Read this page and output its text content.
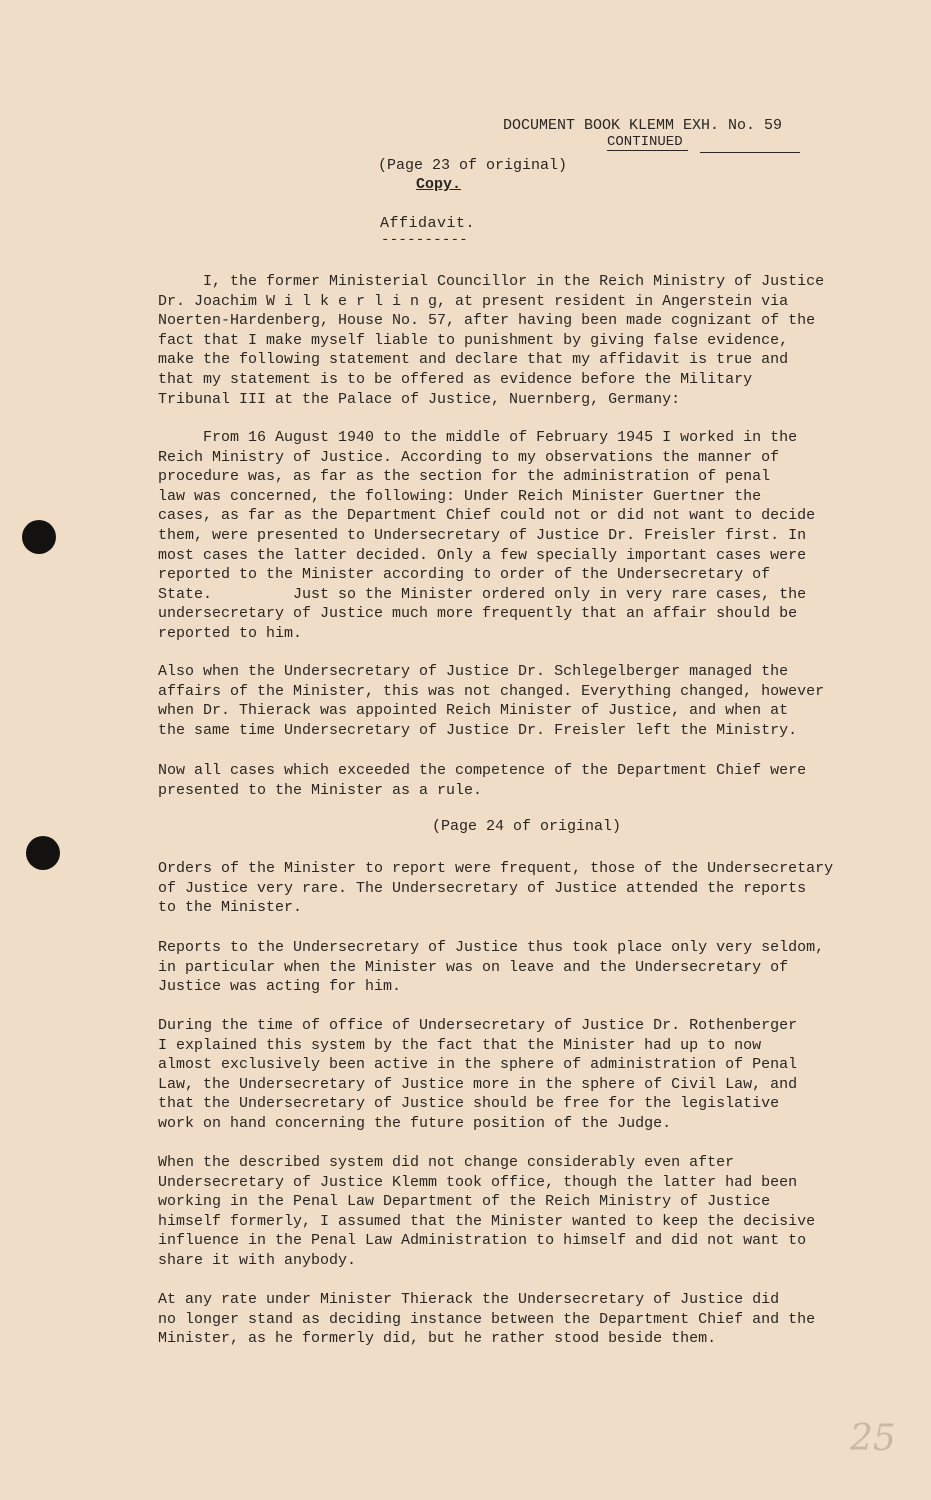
DOCUMENT BOOK KLEMM EXH. No. 59
CONTINUED
(Page 23 of original)
Copy.
Affidavit.
----------
I, the former Ministerial Councillor in the Reich Ministry of Justice
Dr. Joachim W i l k e r l i n g, at present resident in Angerstein via
Noerten-Hardenberg, House No. 57, after having been made cognizant of the
fact that I make myself liable to punishment by giving false evidence,
make the following statement and declare that my affidavit is true and
that my statement is to be offered as evidence before the Military
Tribunal III at the Palace of Justice, Nuernberg, Germany:
From 16 August 1940 to the middle of February 1945 I worked in the
Reich Ministry of Justice. According to my observations the manner of
procedure was, as far as the section for the administration of penal
law was concerned, the following: Under Reich Minister Guertner the
cases, as far as the Department Chief could not or did not want to decide
them, were presented to Undersecretary of Justice Dr. Freisler first. In
most cases the latter decided. Only a few specially important cases were
reported to the Minister according to order of the Undersecretary of
State.         Just so the Minister ordered only in very rare cases, the
undersecretary of Justice much more frequently that an affair should be
reported to him.
Also when the Undersecretary of Justice Dr. Schlegelberger managed the
affairs of the Minister, this was not changed. Everything changed, however
when Dr. Thierack was appointed Reich Minister of Justice, and when at
the same time Undersecretary of Justice Dr. Freisler left the Ministry.
Now all cases which exceeded the competence of the Department Chief were
presented to the Minister as a rule.
(Page 24 of original)
Orders of the Minister to report were frequent, those of the Undersecretary
of Justice very rare. The Undersecretary of Justice attended the reports
to the Minister.
Reports to the Undersecretary of Justice thus took place only very seldom,
in particular when the Minister was on leave and the Undersecretary of
Justice was acting for him.
During the time of office of Undersecretary of Justice Dr. Rothenberger
I explained this system by the fact that the Minister had up to now
almost exclusively been active in the sphere of administration of Penal
Law, the Undersecretary of Justice more in the sphere of Civil Law, and
that the Undersecretary of Justice should be free for the legislative
work on hand concerning the future position of the Judge.
When the described system did not change considerably even after
Undersecretary of Justice Klemm took office, though the latter had been
working in the Penal Law Department of the Reich Ministry of Justice
himself formerly, I assumed that the Minister wanted to keep the decisive
influence in the Penal Law Administration to himself and did not want to
share it with anybody.
At any rate under Minister Thierack the Undersecretary of Justice did
no longer stand as deciding instance between the Department Chief and the
Minister, as he formerly did, but he rather stood beside them.
25
